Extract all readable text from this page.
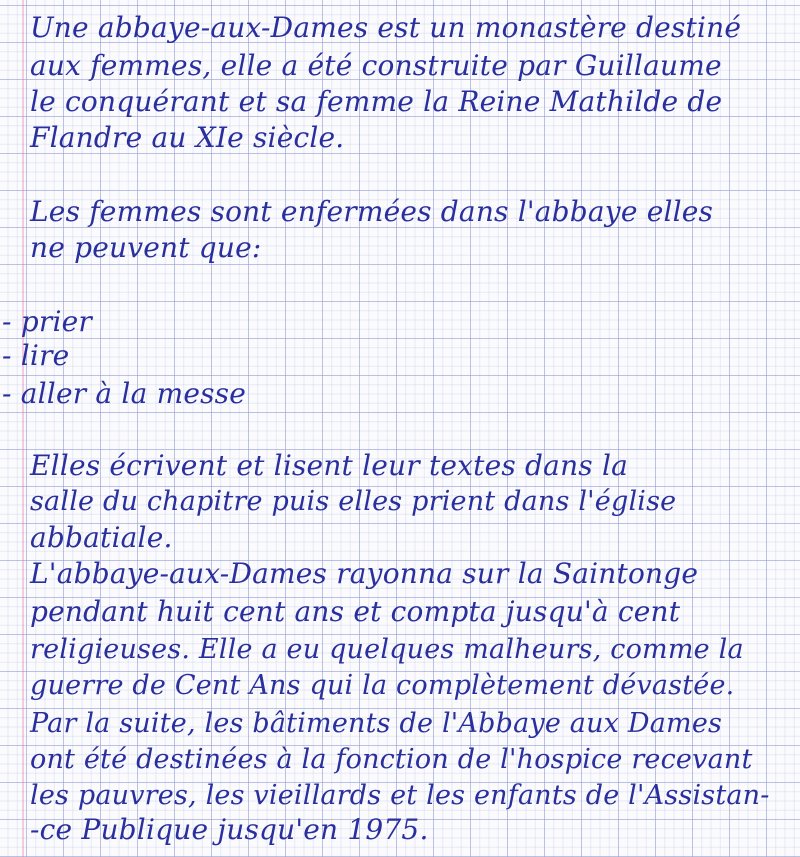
Une abbaye-aux-Dames est un monastère destiné
aux femmes, elle a été construite par Guillaume
le conquérant et sa femme la Reine Mathilde de
Flandre au XIe siècle.
Les femmes sont enfermées dans l'abbaye elles
ne peuvent que:
- prier
- lire
- aller à la messe
Elles écrivent et lisent leur textes dans la
salle du chapitre puis elles prient dans l'église
abbatiale.
L'abbaye-aux-Dames rayonna sur la Saintonge
pendant huit cent ans et compta jusqu'à cent
religieuses. Elle a eu quelques malheurs, comme la
guerre de Cent Ans qui la complètement dévastée.
Par la suite, les bâtiments de l'Abbaye aux Dames
ont été destinées à la fonction de l'hospice recevant
les pauvres, les vieillards et les enfants de l'Assistan-
-ce Publique jusqu'en 1975.
